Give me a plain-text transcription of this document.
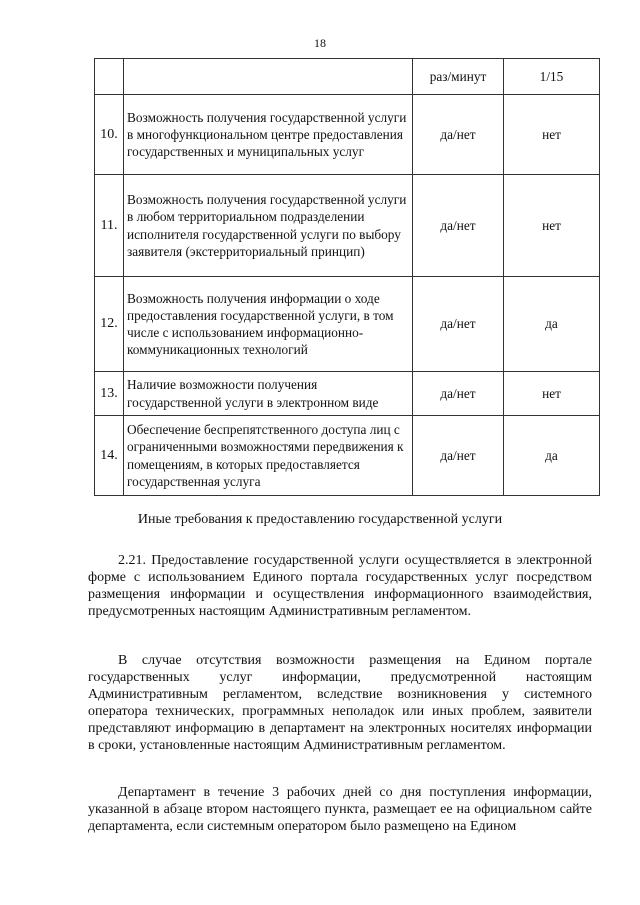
18
		раз/минут	1/15
10.	Возможность получения государственной услуги в многофункциональном центре предоставления государственных и муниципальных услуг	да/нет	нет
11.	Возможность получения государственной услуги в любом территориальном подразделении исполнителя государственной услуги по выбору заявителя (экстерриториальный принцип)	да/нет	нет
12.	Возможность получения информации о ходе предоставления государственной услуги, в том числе с использованием информационно-коммуникационных технологий	да/нет	да
13.	Наличие возможности получения государственной услуги в электронном виде	да/нет	нет
14.	Обеспечение беспрепятственного доступа лиц с ограниченными возможностями передвижения к помещениям, в которых предоставляется государственная услуга	да/нет	да
Иные требования к предоставлению государственной услуги
2.21. Предоставление государственной услуги осуществляется в электронной форме с использованием Единого портала государственных услуг посредством размещения информации и осуществления информационного взаимодействия, предусмотренных настоящим Административным регламентом.
В случае отсутствия возможности размещения на Едином портале государственных услуг информации, предусмотренной настоящим Административным регламентом, вследствие возникновения у системного оператора технических, программных неполадок или иных проблем, заявители представляют информацию в департамент на электронных носителях информации в сроки, установленные настоящим Административным регламентом.
Департамент в течение 3 рабочих дней со дня поступления информации, указанной в абзаце втором настоящего пункта, размещает ее на официальном сайте департамента, если системным оператором было размещено на Едином
